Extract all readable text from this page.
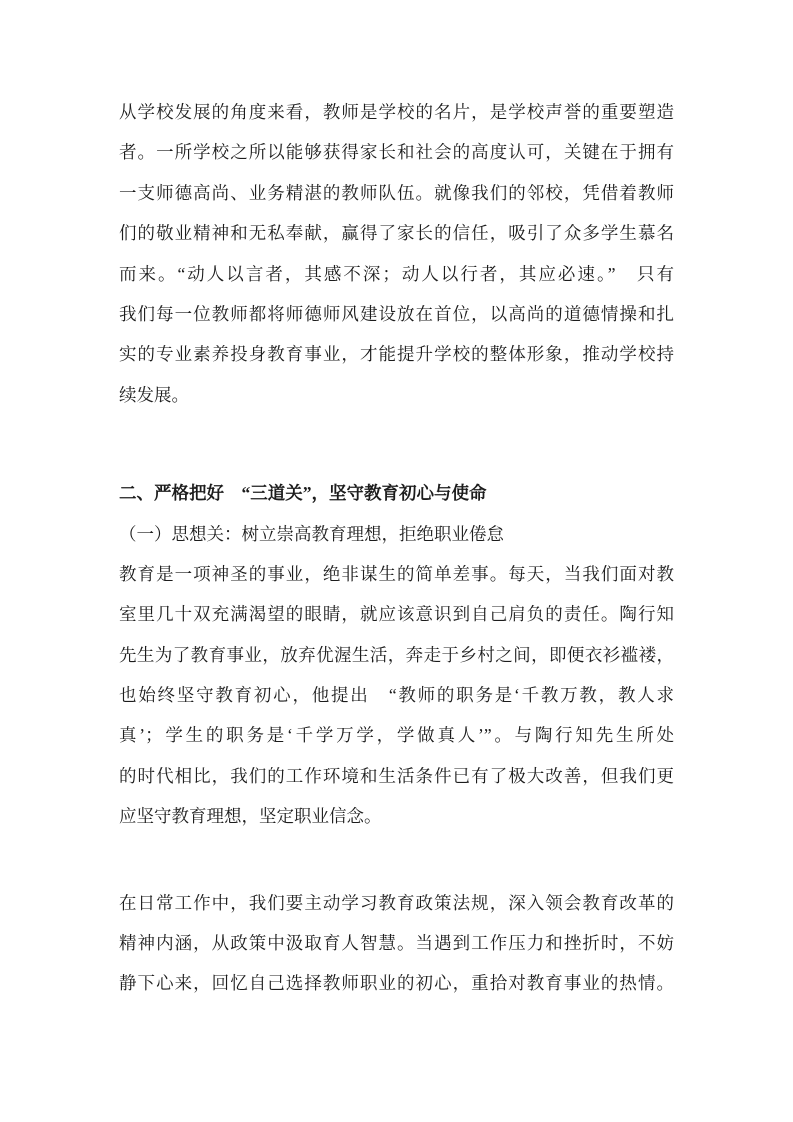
从学校发展的角度来看，教师是学校的名片，是学校声誉的重要塑造
者。一所学校之所以能够获得家长和社会的高度认可，关键在于拥有
一支师德高尚、业务精湛的教师队伍。就像我们的邻校，凭借着教师
们的敬业精神和无私奉献，赢得了家长的信任，吸引了众多学生慕名
而来。“动人以言者，其感不深；动人以行者，其应必速。”　只有
我们每一位教师都将师德师风建设放在首位，以高尚的道德情操和扎
实的专业素养投身教育事业，才能提升学校的整体形象，推动学校持
续发展。
二、严格把好　“三道关”，坚守教育初心与使命
（一）思想关：树立崇高教育理想，拒绝职业倦怠
教育是一项神圣的事业，绝非谋生的简单差事。每天，当我们面对教
室里几十双充满渴望的眼睛，就应该意识到自己肩负的责任。陶行知
先生为了教育事业，放弃优渥生活，奔走于乡村之间，即便衣衫褴褛，
也始终坚守教育初心，他提出　“教师的职务是‘千教万教，教人求
真’；学生的职务是‘千学万学，学做真人’”。与陶行知先生所处
的时代相比，我们的工作环境和生活条件已有了极大改善，但我们更
应坚守教育理想，坚定职业信念。
在日常工作中，我们要主动学习教育政策法规，深入领会教育改革的
精神内涵，从政策中汲取育人智慧。当遇到工作压力和挫折时，不妨
静下心来，回忆自己选择教师职业的初心，重拾对教育事业的热情。
